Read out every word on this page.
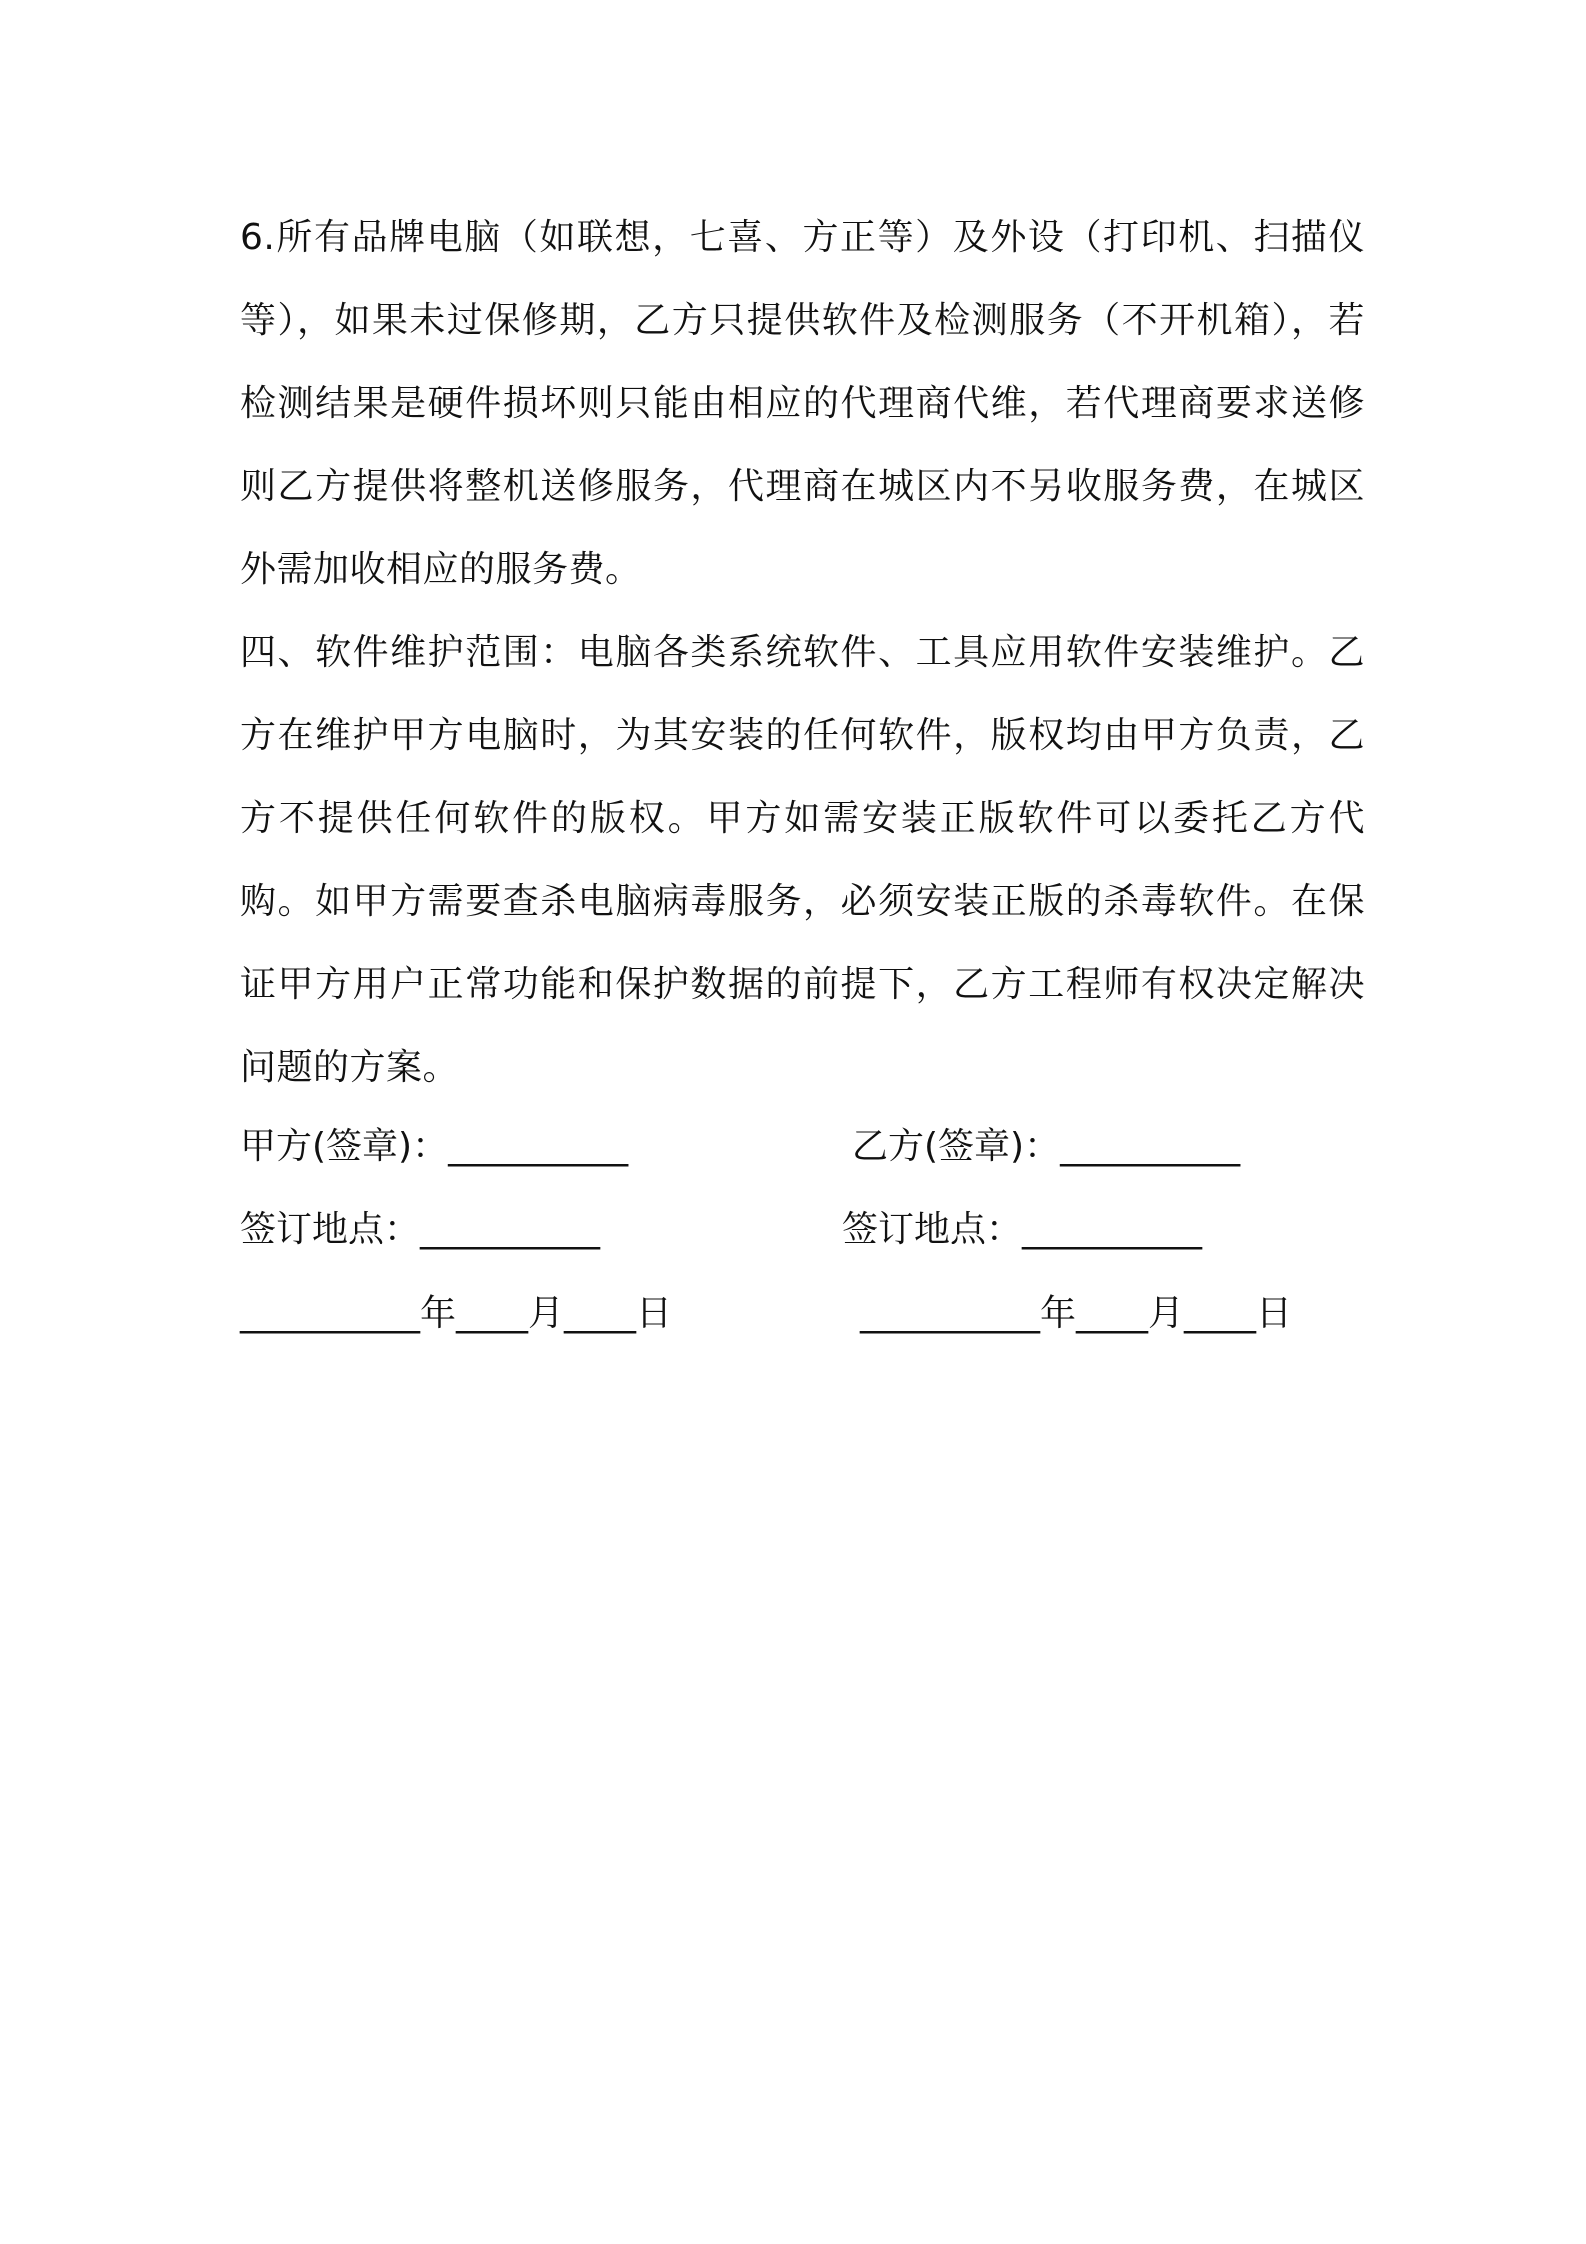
6.所有品牌电脑（如联想，七喜、方正等）及外设（打印机、扫描仪等），如果未过保修期，乙方只提供软件及检测服务（不开机箱），若检测结果是硬件损坏则只能由相应的代理商代维，若代理商要求送修则乙方提供将整机送修服务，代理商在城区内不另收服务费，在城区外需加收相应的服务费。

四、软件维护范围：电脑各类系统软件、工具应用软件安装维护。乙方在维护甲方电脑时，为其安装的任何软件，版权均由甲方负责，乙方不提供任何软件的版权。甲方如需安装正版软件可以委托乙方代购。如甲方需要查杀电脑病毒服务，必须安装正版的杀毒软件。在保证甲方用户正常功能和保护数据的前提下，乙方工程师有权决定解决问题的方案。

甲方(签章)：__________	乙方(签章)：__________
签订地点：__________	签订地点：__________
__________年____月____日	__________年____月____日
